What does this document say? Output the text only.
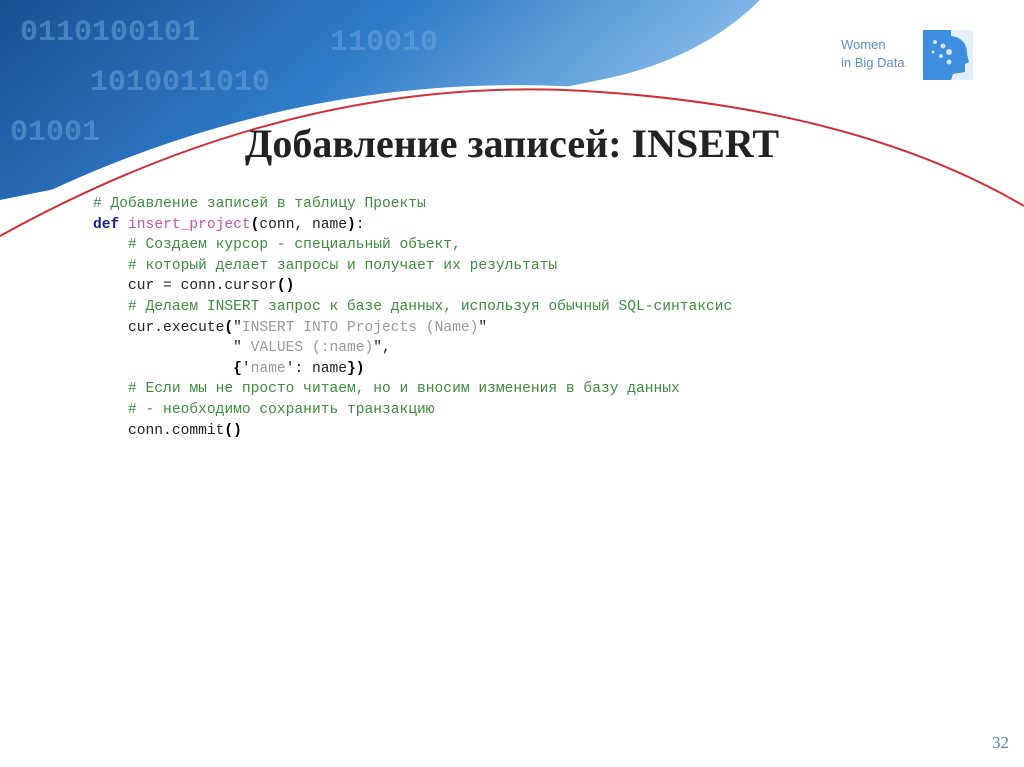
0110100101
1010011010
01001
110010	Women
in Big Data
Добавление записей: INSERT
# Добавление записей в таблицу Проекты
def insert_project(conn, name):
# Создаем курсор - специальный объект,
# который делает запросы и получает их результаты
cur = conn.cursor()
# Делаем INSERT запрос к базе данных, используя обычный SQL-синтаксис
cur.execute("INSERT INTO Projects (Name)"
" VALUES (:name)",
{'name': name})
# Если мы не просто читаем, но и вносим изменения в базу данных
# - необходимо сохранить транзакцию
conn.commit()
32
